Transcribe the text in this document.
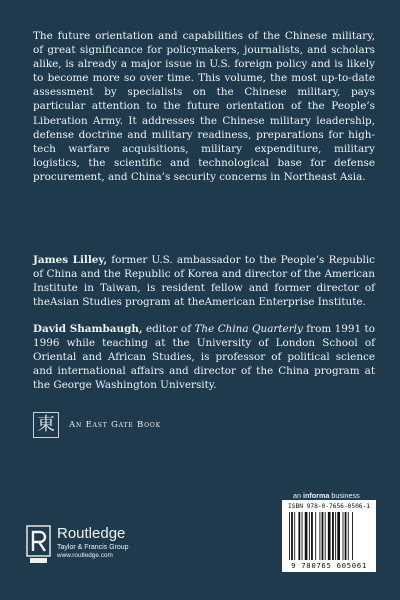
The future orientation and capabilities of the Chinese military, of great significance for policymakers, journalists, and scholars alike, is already a major issue in U.S. foreign policy and is likely to become more so over time. This volume, the most up-to-date assessment by specialists on the Chinese military, pays particular attention to the future orientation of the People’s Liberation Army. It addresses the Chinese military leadership, defense doctrine and military readiness, preparations for high-tech warfare acquisitions, military expenditure, military logistics, the scientific and technological base for defense procurement, and China’s security concerns in Northeast Asia.

James Lilley, former U.S. ambassador to the People’s Republic of China and the Republic of Korea and director of the American Institute in Taiwan, is resident fellow and former director of theAsian Studies program at theAmerican Enterprise Institute.

David Shambaugh, editor of The China Quarterly from 1991 to 1996 while teaching at the University of London School of Oriental and African Studies, is professor of political science and international affairs and director of the China program at the George Washington University.

東	An East Gate Book
an informa business
ISBN 978-0-7656-0506-1
9 780765 605061
Routledge
Taylor & Francis Group
www.routledge.com
